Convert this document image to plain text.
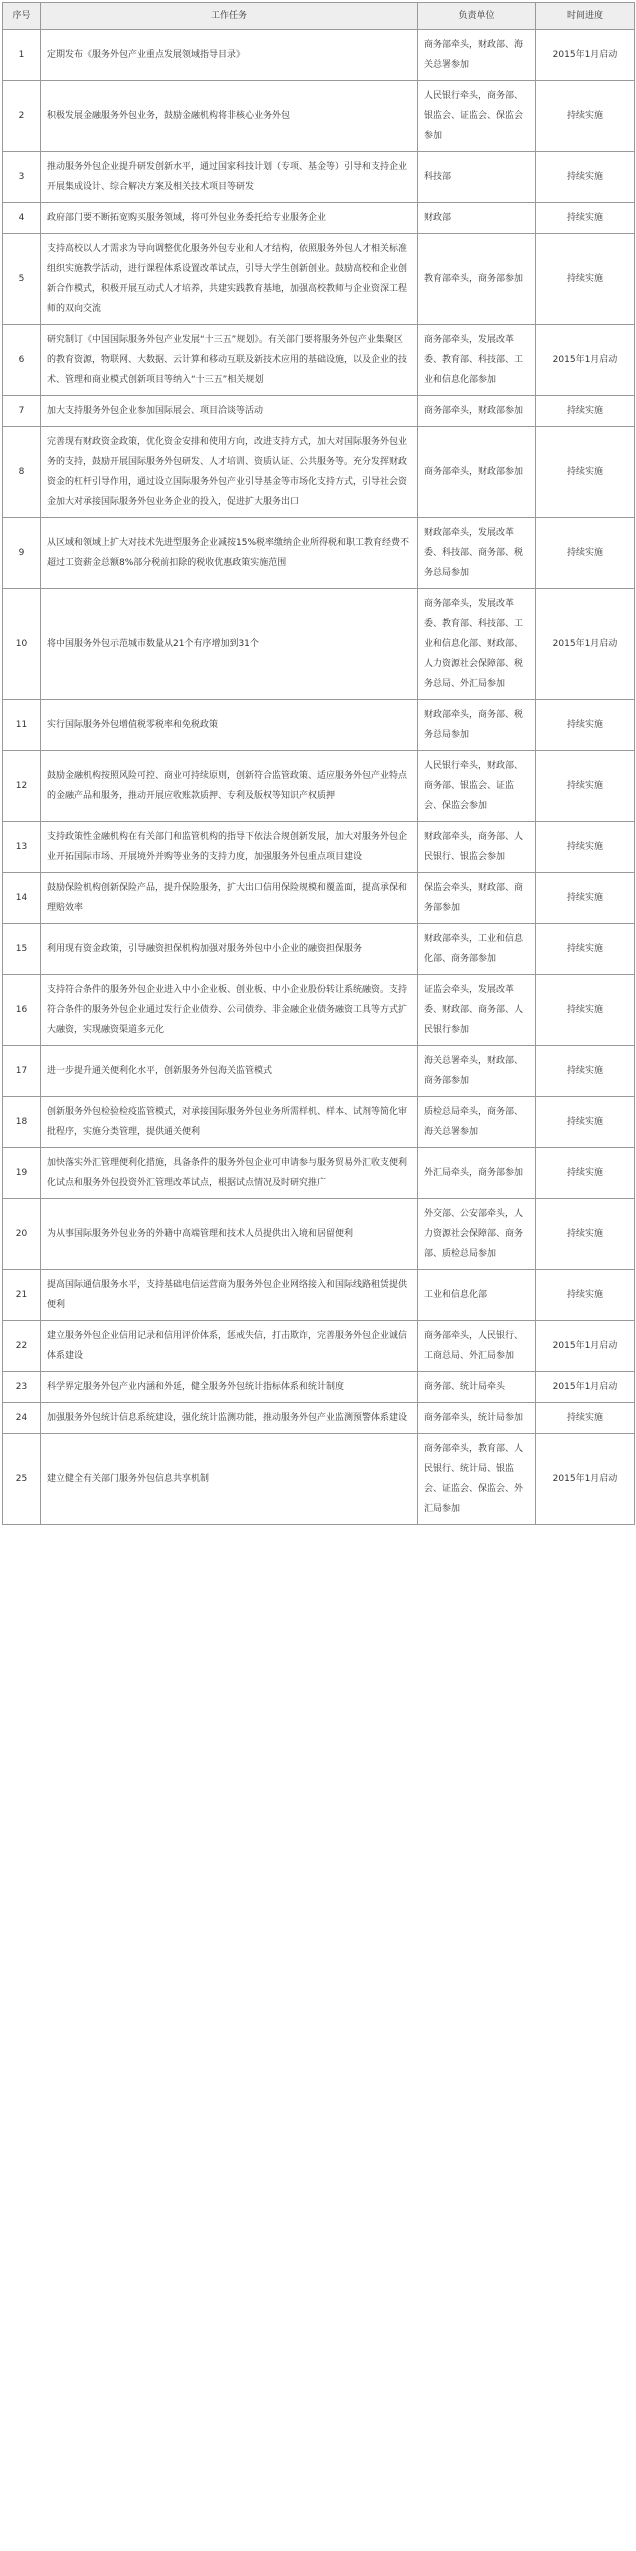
序号	工作任务	负责单位	时间进度
1	定期发布《服务外包产业重点发展领域指导目录》	商务部牵头，财政部、海关总署参加	2015年1月启动
2	积极发展金融服务外包业务，鼓励金融机构将非核心业务外包	人民银行牵头，商务部、银监会、证监会、保监会参加	持续实施
3	推动服务外包企业提升研发创新水平，通过国家科技计划（专项、基金等）引导和支持企业开展集成设计、综合解决方案及相关技术项目等研发	科技部	持续实施
4	政府部门要不断拓宽购买服务领域，将可外包业务委托给专业服务企业	财政部	持续实施
5	支持高校以人才需求为导向调整优化服务外包专业和人才结构，依照服务外包人才相关标准组织实施教学活动，进行课程体系设置改革试点，引导大学生创新创业。鼓励高校和企业创新合作模式，积极开展互动式人才培养，共建实践教育基地，加强高校教师与企业资深工程师的双向交流	教育部牵头，商务部参加	持续实施
6	研究制订《中国国际服务外包产业发展“十三五”规划》。有关部门要将服务外包产业集聚区的教育资源，物联网、大数据、云计算和移动互联及新技术应用的基础设施，以及企业的技术、管理和商业模式创新项目等纳入“十三五”相关规划	商务部牵头，发展改革委、教育部、科技部、工业和信息化部参加	2015年1月启动
7	加大支持服务外包企业参加国际展会、项目洽谈等活动	商务部牵头，财政部参加	持续实施
8	完善现有财政资金政策，优化资金安排和使用方向，改进支持方式，加大对国际服务外包业务的支持，鼓励开展国际服务外包研发、人才培训、资质认证、公共服务等。充分发挥财政资金的杠杆引导作用，通过设立国际服务外包产业引导基金等市场化支持方式，引导社会资金加大对承接国际服务外包业务企业的投入，促进扩大服务出口	商务部牵头，财政部参加	持续实施
9	从区域和领域上扩大对技术先进型服务企业减按15%税率缴纳企业所得税和职工教育经费不超过工资薪金总额8%部分税前扣除的税收优惠政策实施范围	财政部牵头，发展改革委、科技部、商务部、税务总局参加	持续实施
10	将中国服务外包示范城市数量从21个有序增加到31个	商务部牵头，发展改革委、教育部、科技部、工业和信息化部、财政部、人力资源社会保障部、税务总局、外汇局参加	2015年1月启动
11	实行国际服务外包增值税零税率和免税政策	财政部牵头，商务部、税务总局参加	持续实施
12	鼓励金融机构按照风险可控、商业可持续原则，创新符合监管政策、适应服务外包产业特点的金融产品和服务，推动开展应收账款质押、专利及版权等知识产权质押	人民银行牵头，财政部、商务部、银监会、证监会、保监会参加	持续实施
13	支持政策性金融机构在有关部门和监管机构的指导下依法合规创新发展，加大对服务外包企业开拓国际市场、开展境外并购等业务的支持力度，加强服务外包重点项目建设	财政部牵头，商务部、人民银行、银监会参加	持续实施
14	鼓励保险机构创新保险产品，提升保险服务，扩大出口信用保险规模和覆盖面，提高承保和理赔效率	保监会牵头，财政部、商务部参加	持续实施
15	利用现有资金政策，引导融资担保机构加强对服务外包中小企业的融资担保服务	财政部牵头，工业和信息化部、商务部参加	持续实施
16	支持符合条件的服务外包企业进入中小企业板、创业板、中小企业股份转让系统融资。支持符合条件的服务外包企业通过发行企业债券、公司债券、非金融企业债务融资工具等方式扩大融资，实现融资渠道多元化	证监会牵头，发展改革委、财政部、商务部、人民银行参加	持续实施
17	进一步提升通关便利化水平，创新服务外包海关监管模式	海关总署牵头，财政部、商务部参加	持续实施
18	创新服务外包检验检疫监管模式，对承接国际服务外包业务所需样机、样本、试剂等简化审批程序，实施分类管理，提供通关便利	质检总局牵头，商务部、海关总署参加	持续实施
19	加快落实外汇管理便利化措施，具备条件的服务外包企业可申请参与服务贸易外汇收支便利化试点和服务外包投资外汇管理改革试点，根据试点情况及时研究推广	外汇局牵头，商务部参加	持续实施
20	为从事国际服务外包业务的外籍中高端管理和技术人员提供出入境和居留便利	外交部、公安部牵头，人力资源社会保障部、商务部、质检总局参加	持续实施
21	提高国际通信服务水平，支持基础电信运营商为服务外包企业网络接入和国际线路租赁提供便利	工业和信息化部	持续实施
22	建立服务外包企业信用记录和信用评价体系，惩戒失信，打击欺诈，完善服务外包企业诚信体系建设	商务部牵头，人民银行、工商总局、外汇局参加	2015年1月启动
23	科学界定服务外包产业内涵和外延，健全服务外包统计指标体系和统计制度	商务部、统计局牵头	2015年1月启动
24	加强服务外包统计信息系统建设，强化统计监测功能，推动服务外包产业监测预警体系建设	商务部牵头，统计局参加	持续实施
25	建立健全有关部门服务外包信息共享机制	商务部牵头，教育部、人民银行、统计局、银监会、证监会、保监会、外汇局参加	2015年1月启动
